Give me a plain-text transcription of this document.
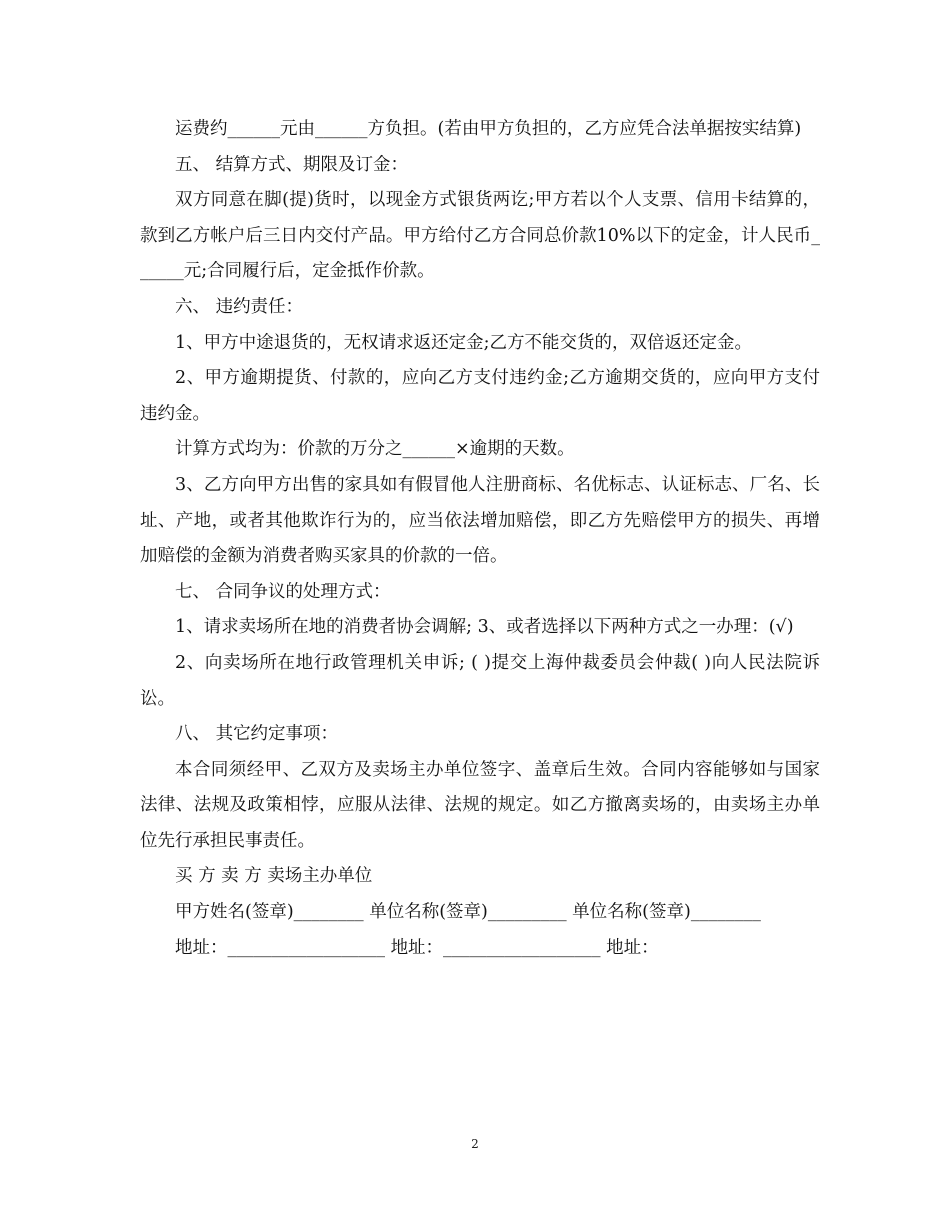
运费约______元由______方负担。(若由甲方负担的，乙方应凭合法单据按实结算)

五、 结算方式、期限及订金：

双方同意在脚(提)货时，以现金方式银货两讫;甲方若以个人支票、信用卡结算的，款到乙方帐户后三日内交付产品。甲方给付乙方合同总价款10%以下的定金，计人民币______元;合同履行后，定金抵作价款。

六、 违约责任：

1、甲方中途退货的，无权请求返还定金;乙方不能交货的，双倍返还定金。

2、甲方逾期提货、付款的，应向乙方支付违约金;乙方逾期交货的，应向甲方支付违约金。

计算方式均为：价款的万分之______×逾期的天数。

3、乙方向甲方出售的家具如有假冒他人注册商标、名优标志、认证标志、厂名、长址、产地，或者其他欺诈行为的，应当依法增加赔偿，即乙方先赔偿甲方的损失、再增加赔偿的金额为消费者购买家具的价款的一倍。

七、 合同争议的处理方式：

1、请求卖场所在地的消费者协会调解; 3、或者选择以下两种方式之一办理：(√)

2、向卖场所在地行政管理机关申诉; ( )提交上海仲裁委员会仲裁( )向人民法院诉讼。

八、 其它约定事项：

本合同须经甲、乙双方及卖场主办单位签字、盖章后生效。合同内容能够如与国家法律、法规及政策相悖，应服从法律、法规的规定。如乙方撤离卖场的，由卖场主办单位先行承担民事责任。

买 方 卖 方 卖场主办单位

甲方姓名(签章)________ 单位名称(签章)_________ 单位名称(签章)________

地址：__________________ 地址：__________________ 地址：

2
